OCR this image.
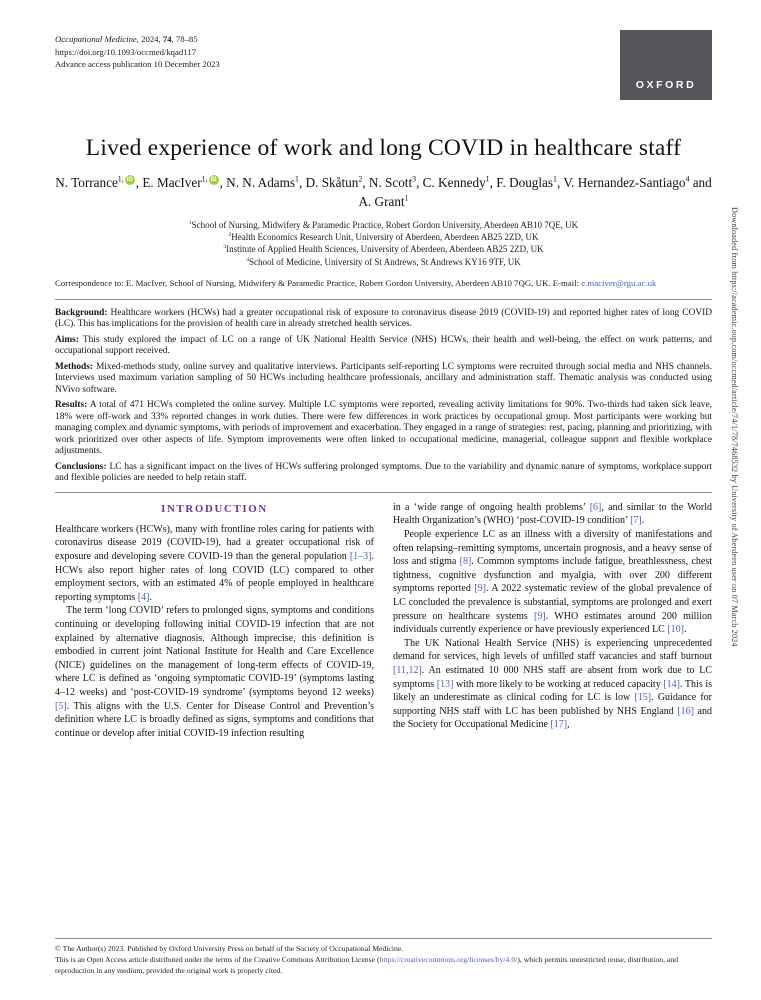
Occupational Medicine, 2024, 74, 78–85
https://doi.org/10.1093/occmed/kqad117
Advance access publication 10 December 2023
OXFORD
Downloaded from https://academic.oup.com/occmed/article/74/1/78/7468532 by University of Aberdeen user on 07 March 2024
Lived experience of work and long COVID in healthcare staff
N. Torrance$^{1,}$ iD , E. MacIver$^{1,}$ iD , N. N. Adams$^1$, D. Skåtun$^2$, N. Scott$^3$, C. Kennedy$^1$, F. Douglas$^1$, V. Hernandez-Santiago$^4$ and A. Grant$^1$
$^1$School of Nursing, Midwifery & Paramedic Practice, Robert Gordon University, Aberdeen AB10 7QE, UK
$^2$Health Economics Research Unit, University of Aberdeen, Aberdeen AB25 2ZD, UK
$^3$Institute of Applied Health Sciences, University of Aberdeen, Aberdeen AB25 2ZD, UK
$^4$School of Medicine, University of St Andrews, St Andrews KY16 9TF, UK
Correspondence to: E. MacIver, School of Nursing, Midwifery & Paramedic Practice, Robert Gordon University, Aberdeen AB10 7QG, UK. E-mail: e.maciver@rgu.ac.uk

Background: Healthcare workers (HCWs) had a greater occupational risk of exposure to coronavirus disease 2019 (COVID-19) and reported higher rates of long COVID (LC). This has implications for the provision of health care in already stretched health services.

Aims: This study explored the impact of LC on a range of UK National Health Service (NHS) HCWs, their health and well-being, the effect on work patterns, and occupational support received.

Methods: Mixed-methods study, online survey and qualitative interviews. Participants self-reporting LC symptoms were recruited through social media and NHS channels. Interviews used maximum variation sampling of 50 HCWs including healthcare professionals, ancillary and administration staff. Thematic analysis was conducted using NVivo software.

Results: A total of 471 HCWs completed the online survey. Multiple LC symptoms were reported, revealing activity limitations for 90%. Two-thirds had taken sick leave, 18% were off-work and 33% reported changes in work duties. There were few differences in work practices by occupational group. Most participants were working but managing complex and dynamic symptoms, with periods of improvement and exacerbation. They engaged in a range of strategies: rest, pacing, planning and prioritizing, with work prioritized over other aspects of life. Symptom improvements were often linked to occupational medicine, managerial, colleague support and flexible workplace adjustments.

Conclusions: LC has a significant impact on the lives of HCWs suffering prolonged symptoms. Due to the variability and dynamic nature of symptoms, workplace support and flexible policies are needed to help retain staff.

INTRODUCTION

Healthcare workers (HCWs), many with frontline roles caring for patients with coronavirus disease 2019 (COVID-19), had a greater occupational risk of exposure and developing severe COVID-19 than the general population [1–3]. HCWs also report higher rates of long COVID (LC) compared to other employment sectors, with an estimated 4% of people employed in healthcare reporting symptoms [4].

The term ‘long COVID’ refers to prolonged signs, symptoms and conditions continuing or developing following initial COVID-19 infection that are not explained by alternative diagnosis. Although imprecise, this definition is embodied in current joint National Institute for Health and Care Excellence (NICE) guidelines on the management of long-term effects of COVID-19, where LC is defined as ‘ongoing symptomatic COVID-19’ (symptoms lasting 4–12 weeks) and ‘post-COVID-19 syndrome’ (symptoms beyond 12 weeks) [5]. This aligns with the U.S. Center for Disease Control and Prevention’s definition where LC is broadly defined as signs, symptoms and conditions that continue or develop after initial COVID-19 infection resulting

in a ‘wide range of ongoing health problems’ [6], and similar to the World Health Organization’s (WHO) ‘post-COVID-19 condition’ [7].

People experience LC as an illness with a diversity of manifestations and often relapsing–remitting symptoms, uncertain prognosis, and a heavy sense of loss and stigma [8]. Common symptoms include fatigue, breathlessness, chest tightness, cognitive dysfunction and myalgia, with over 200 different symptoms reported [9]. A 2022 systematic review of the global prevalence of LC concluded the prevalence is substantial, symptoms are prolonged and exert pressure on healthcare systems [9]. WHO estimates around 200 million individuals currently experience or have previously experienced LC [10].

The UK National Health Service (NHS) is experiencing unprecedented demand for services, high levels of unfilled staff vacancies and staff burnout [11,12]. An estimated 10 000 NHS staff are absent from work due to LC symptoms [13] with more likely to be working at reduced capacity [14]. This is likely an underestimate as clinical coding for LC is low [15]. Guidance for supporting NHS staff with LC has been published by NHS England [16] and the Society for Occupational Medicine [17],

© The Author(s) 2023. Published by Oxford University Press on behalf of the Society of Occupational Medicine.
This is an Open Access article distributed under the terms of the Creative Commons Attribution License (https://creativecommons.org/licenses/by/4.0/), which permits unrestricted reuse, distribution, and reproduction in any medium, provided the original work is properly cited.
